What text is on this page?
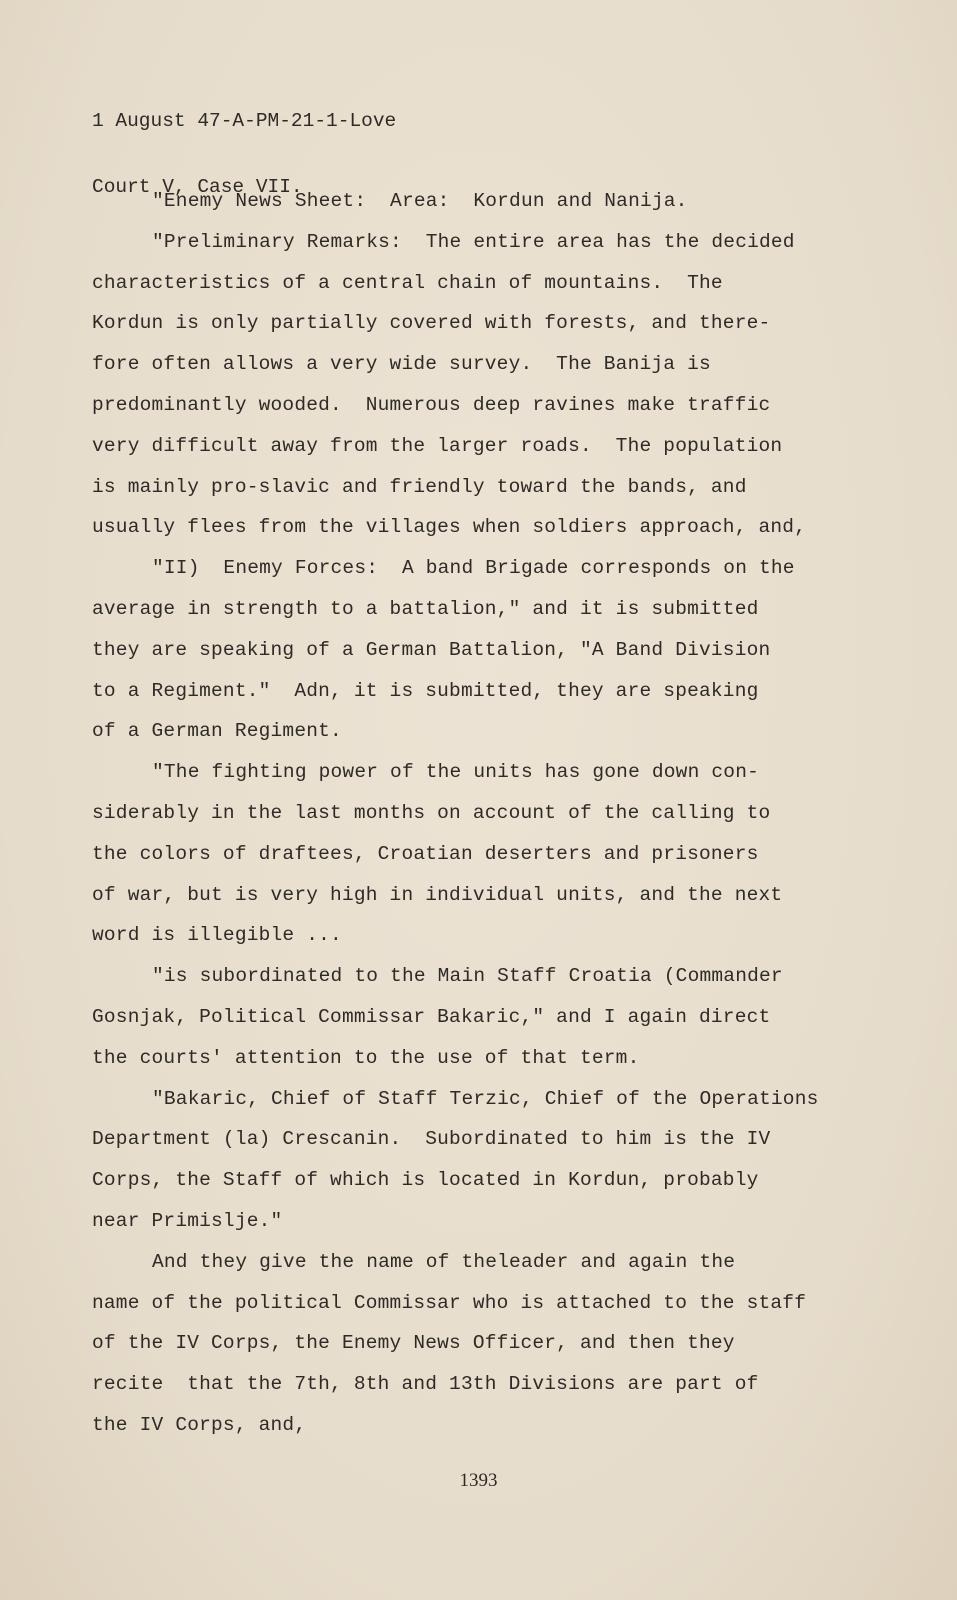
1 August 47-A-PM-21-1-Love

Court V, Case VII.

"Enemy News Sheet:  Area:  Kordun and Nanija.
"Preliminary Remarks:  The entire area has the decided
characteristics of a central chain of mountains.  The
Kordun is only partially covered with forests, and there-
fore often allows a very wide survey.  The Banija is
predominantly wooded.  Numerous deep ravines make traffic
very difficult away from the larger roads.  The population
is mainly pro-slavic and friendly toward the bands, and
usually flees from the villages when soldiers approach, and,
"II)  Enemy Forces:  A band Brigade corresponds on the
average in strength to a battalion," and it is submitted
they are speaking of a German Battalion, "A Band Division
to a Regiment."  Adn, it is submitted, they are speaking
of a German Regiment.
"The fighting power of the units has gone down con-
siderably in the last months on account of the calling to
the colors of draftees, Croatian deserters and prisoners
of war, but is very high in individual units, and the next
word is illegible ...
"is subordinated to the Main Staff Croatia (Commander
Gosnjak, Political Commissar Bakaric," and I again direct
the courts' attention to the use of that term.
"Bakaric, Chief of Staff Terzic, Chief of the Operations
Department (la) Crescanin.  Subordinated to him is the IV
Corps, the Staff of which is located in Kordun, probably
near Primislje."
And they give the name of theleader and again the
name of the political Commissar who is attached to the staff
of the IV Corps, the Enemy News Officer, and then they
recite  that the 7th, 8th and 13th Divisions are part of
the IV Corps, and,
1393
